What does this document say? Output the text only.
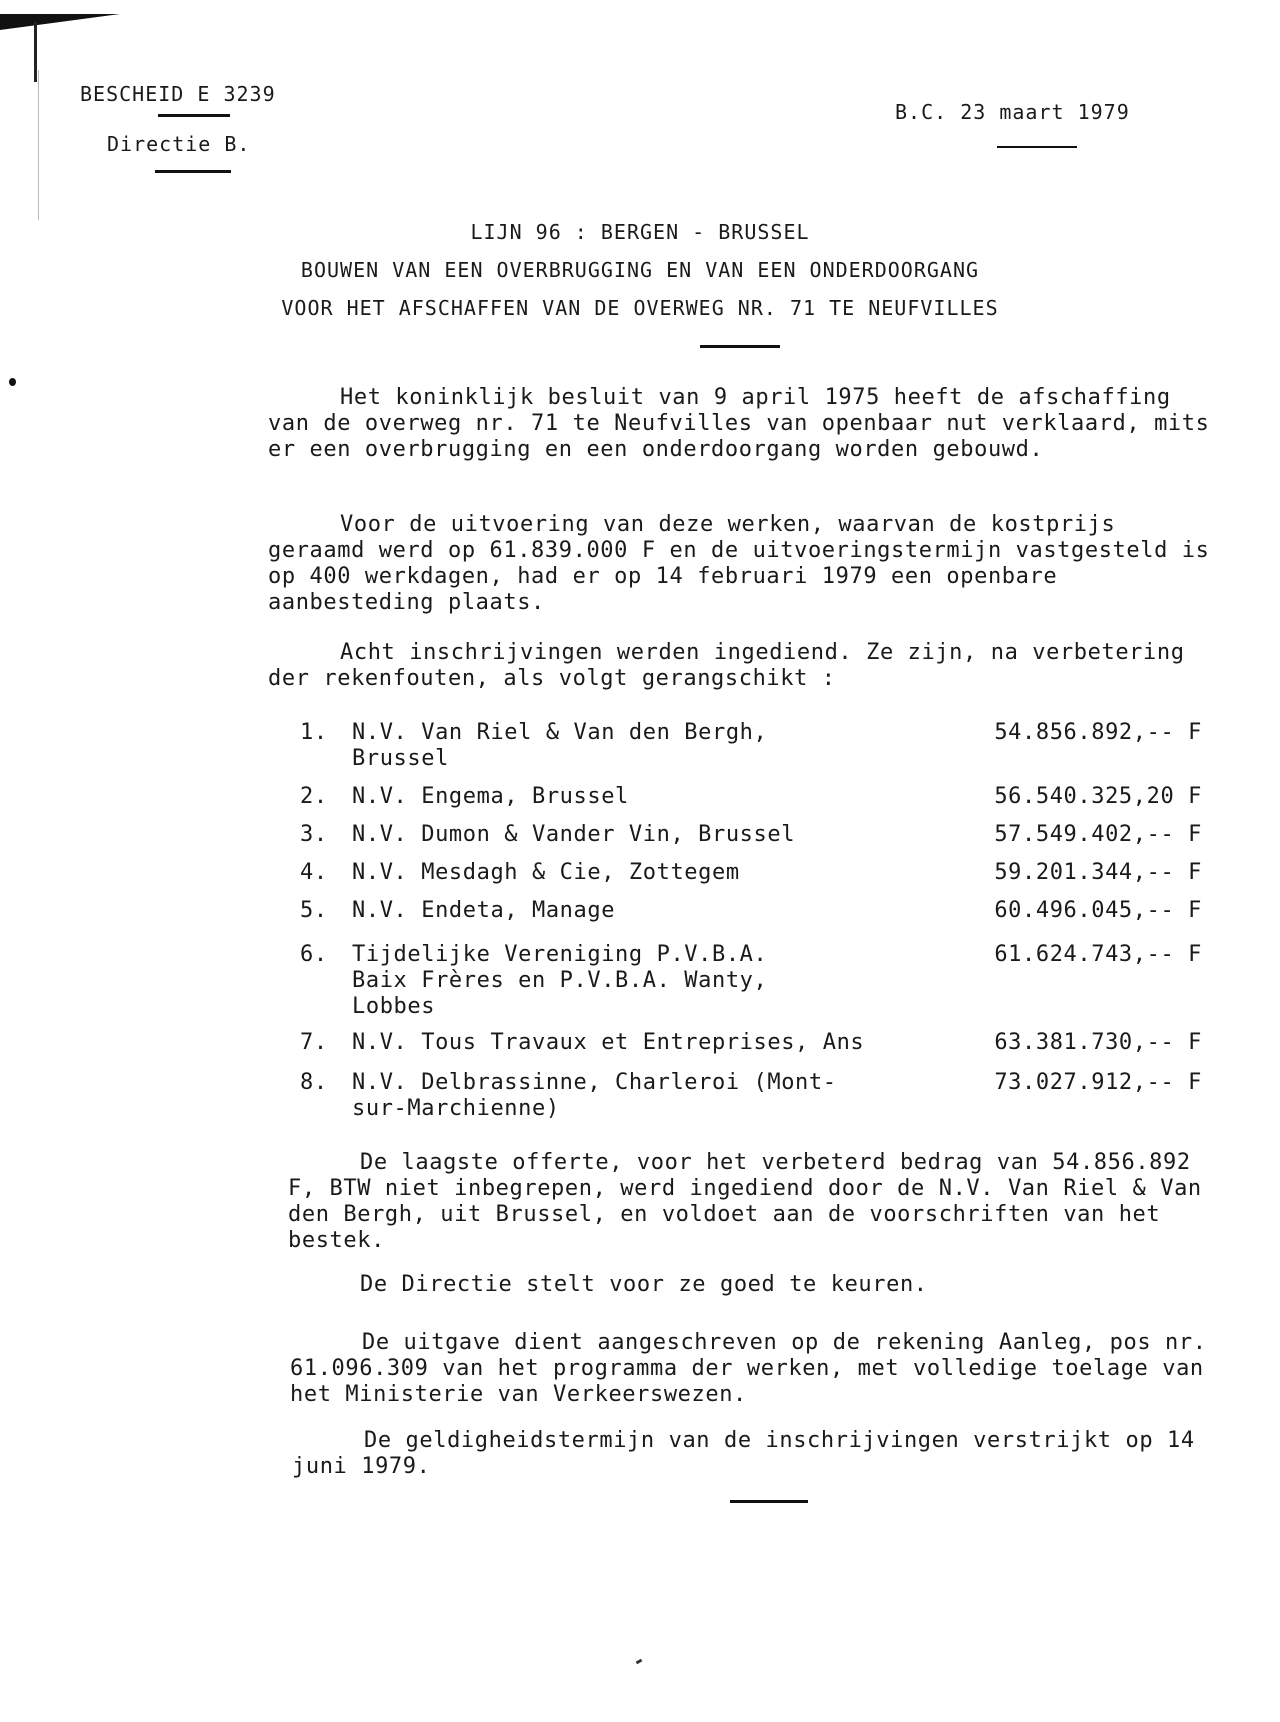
BESCHEID E 3239
Directie B.
B.C. 23 maart 1979
LIJN 96 : BERGEN - BRUSSEL
BOUWEN VAN EEN OVERBRUGGING EN VAN EEN ONDERDOORGANG
VOOR HET AFSCHAFFEN VAN DE OVERWEG NR. 71 TE NEUFVILLES

Het koninklijk besluit van 9 april 1975 heeft de afschaffing van de overweg nr. 71 te Neufvilles van openbaar nut verklaard, mits er een overbrugging en een onderdoorgang worden gebouwd.

Voor de uitvoering van deze werken, waarvan de kostprijs geraamd werd op 61.839.000 F en de uitvoeringstermijn vastgesteld is op 400 werkdagen, had er op 14 februari 1979 een openbare aanbesteding plaats.

Acht inschrijvingen werden ingediend. Ze zijn, na verbetering der rekenfouten, als volgt gerangschikt :

1.	N.V. Van Riel & Van den Bergh,
Brussel
54.856.892,-- F
2.	N.V. Engema, Brussel	56.540.325,20 F
3.	N.V. Dumon & Vander Vin, Brussel	57.549.402,-- F
4.	N.V. Mesdagh & Cie, Zottegem	59.201.344,-- F
5.	N.V. Endeta, Manage	60.496.045,-- F
6.	Tijdelijke Vereniging P.V.B.A.
Baix Frères en P.V.B.A. Wanty,
Lobbes
61.624.743,-- F
7.	N.V. Tous Travaux et Entreprises, Ans	63.381.730,-- F
8.	N.V. Delbrassinne, Charleroi (Mont-
sur-Marchienne)
73.027.912,-- F

De laagste offerte, voor het verbeterd bedrag van 54.856.892 F, BTW niet inbegrepen, werd ingediend door de N.V. Van Riel & Van den Bergh, uit Brussel, en voldoet aan de voorschriften van het bestek.

De Directie stelt voor ze goed te keuren.

De uitgave dient aangeschreven op de rekening Aanleg, pos nr. 61.096.309 van het programma der werken, met volledige toelage van het Ministerie van Verkeerswezen.

De geldigheidstermijn van de inschrijvingen verstrijkt op 14 juni 1979.
